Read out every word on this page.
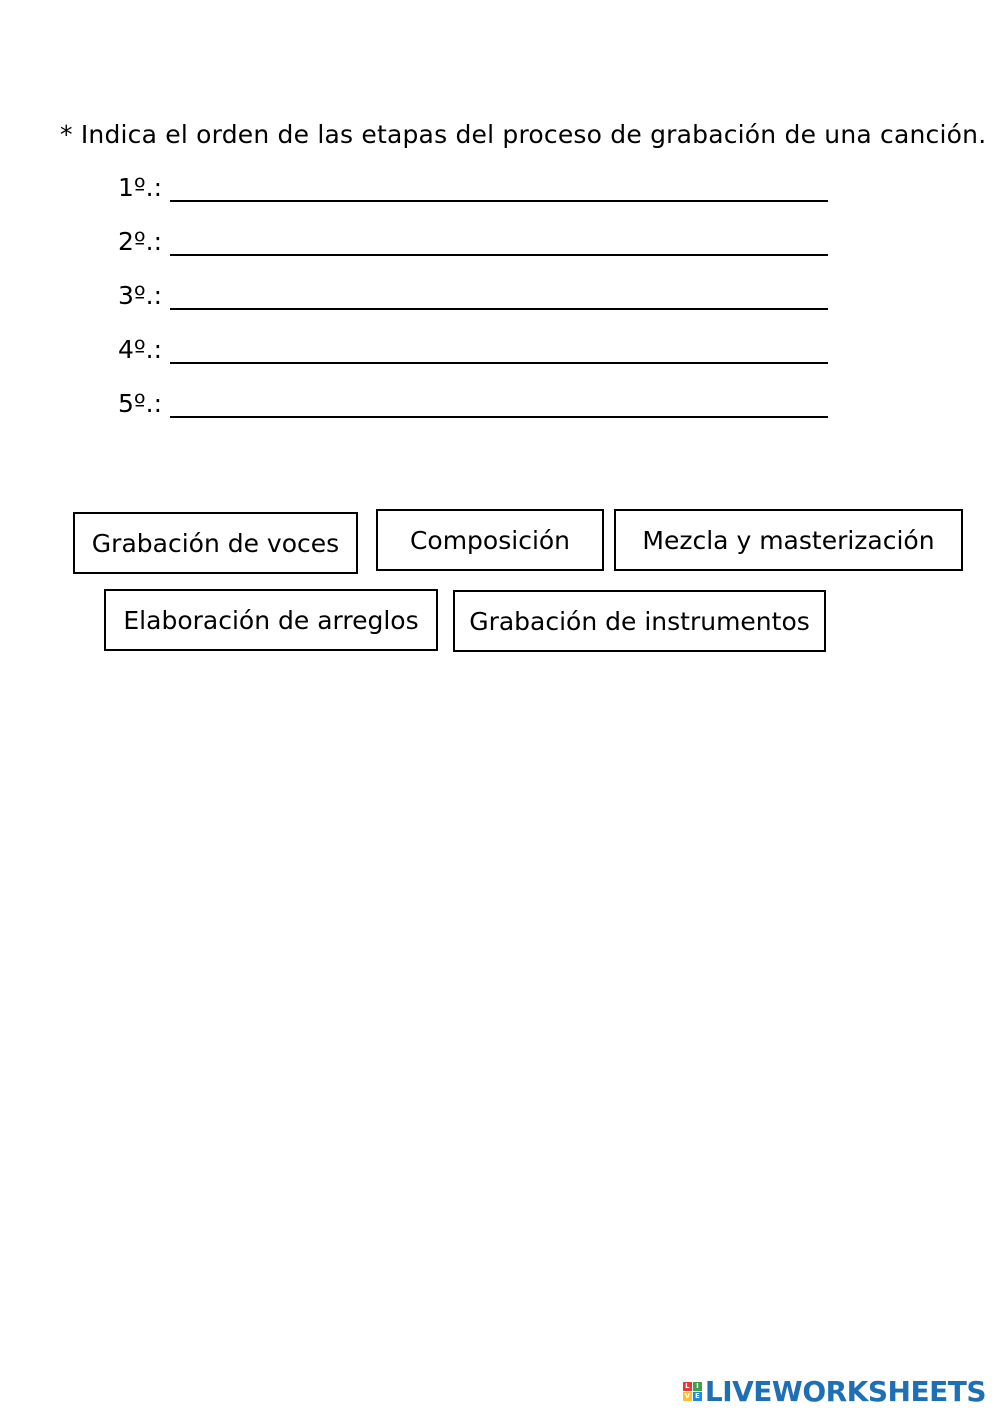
* Indica el orden de las etapas del proceso de grabación de una canción.
1º.:
2º.:
3º.:
4º.:
5º.:
Grabación de voces	Composición	Mezcla y masterización
Elaboración de arreglos	Grabación de instrumentos
L I
V E LIVEWORKSHEETS
